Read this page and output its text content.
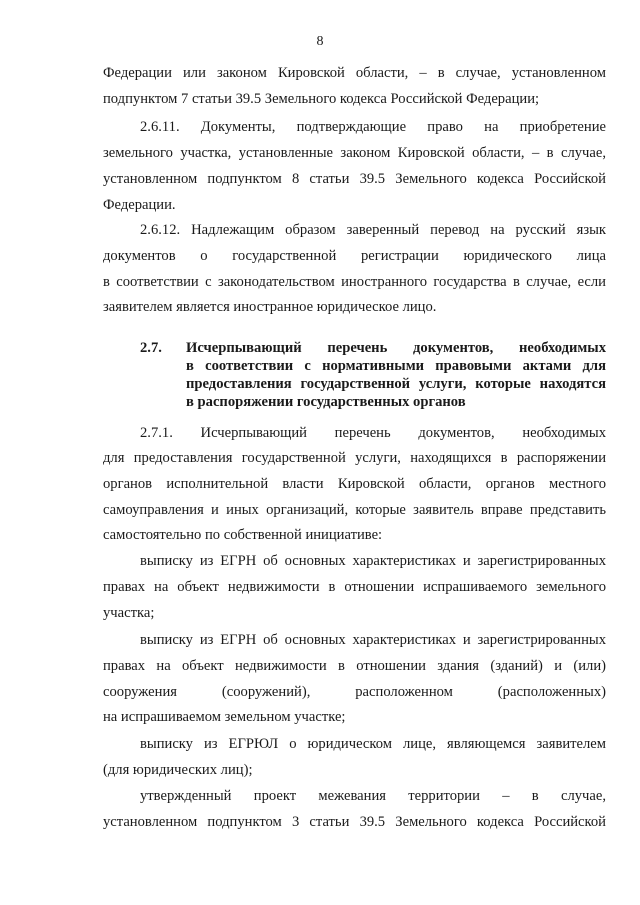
8
Федерации или законом Кировской области, – в случае, установленном
подпунктом 7 статьи 39.5 Земельного кодекса Российской Федерации;
2.6.11. Документы, подтверждающие право на приобретение
земельного участка, установленные законом Кировской области, – в случае,
установленном подпунктом 8 статьи 39.5 Земельного кодекса Российской
Федерации.
2.6.12. Надлежащим образом заверенный перевод на русский язык
документов о государственной регистрации юридического лица
в соответствии с законодательством иностранного государства в случае, если
заявителем является иностранное юридическое лицо.
2.7. Исчерпывающий перечень документов, необходимых
в соответствии с нормативными правовыми актами для
предоставления государственной услуги, которые находятся
в распоряжении государственных органов
2.7.1. Исчерпывающий перечень документов, необходимых
для предоставления государственной услуги, находящихся в распоряжении
органов исполнительной власти Кировской области, органов местного
самоуправления и иных организаций, которые заявитель вправе представить
самостоятельно по собственной инициативе:
выписку из ЕГРН об основных характеристиках и зарегистрированных
правах на объект недвижимости в отношении испрашиваемого земельного
участка;
выписку из ЕГРН об основных характеристиках и зарегистрированных
правах на объект недвижимости в отношении здания (зданий) и (или)
сооружения (сооружений), расположенном (расположенных)
на испрашиваемом земельном участке;
выписку из ЕГРЮЛ о юридическом лице, являющемся заявителем
(для юридических лиц);
утвержденный проект межевания территории – в случае,
установленном подпунктом 3 статьи 39.5 Земельного кодекса Российской
